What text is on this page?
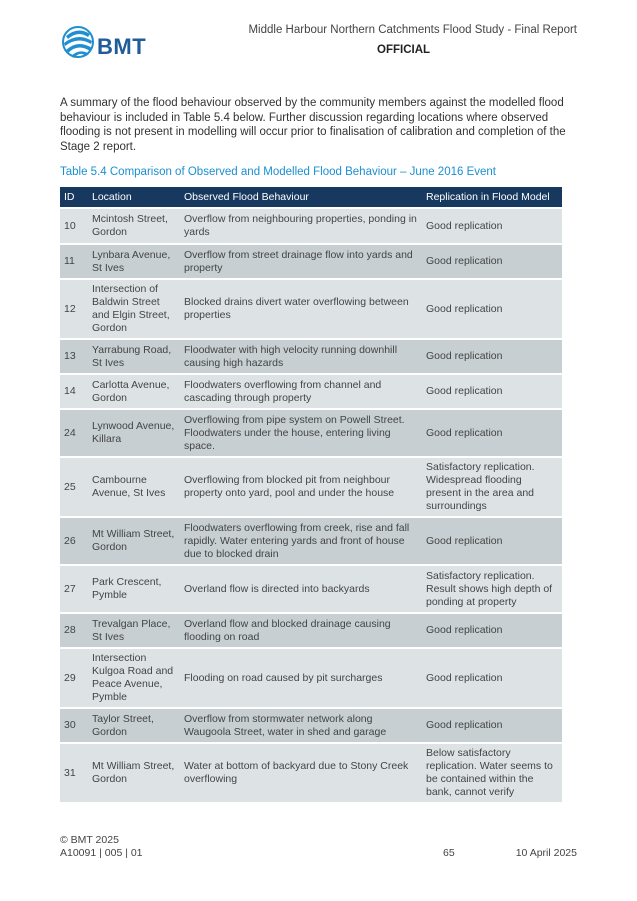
BMT
Middle Harbour Northern Catchments Flood Study - Final Report
OFFICIAL
A summary of the flood behaviour observed by the community members against the modelled flood behaviour is included in Table 5.4 below. Further discussion regarding locations where observed flooding is not present in modelling will occur prior to finalisation of calibration and completion of the Stage 2 report.
Table 5.4 Comparison of Observed and Modelled Flood Behaviour – June 2016 Event
ID	Location	Observed Flood Behaviour	Replication in Flood Model
10	Mcintosh Street, Gordon	Overflow from neighbouring properties, ponding in yards	Good replication
11	Lynbara Avenue, St Ives	Overflow from street drainage flow into yards and property	Good replication
12	Intersection of Baldwin Street and Elgin Street, Gordon	Blocked drains divert water overflowing between properties	Good replication
13	Yarrabung Road, St Ives	Floodwater with high velocity running downhill causing high hazards	Good replication
14	Carlotta Avenue, Gordon	Floodwaters overflowing from channel and cascading through property	Good replication
24	Lynwood Avenue, Killara	Overflowing from pipe system on Powell Street. Floodwaters under the house, entering living space.	Good replication
25	Cambourne Avenue, St Ives	Overflowing from blocked pit from neighbour property onto yard, pool and under the house	Satisfactory replication. Widespread flooding present in the area and surroundings
26	Mt William Street, Gordon	Floodwaters overflowing from creek, rise and fall rapidly. Water entering yards and front of house due to blocked drain	Good replication
27	Park Crescent, Pymble	Overland flow is directed into backyards	Satisfactory replication. Result shows high depth of ponding at property
28	Trevalgan Place, St Ives	Overland flow and blocked drainage causing flooding on road	Good replication
29	Intersection Kulgoa Road and Peace Avenue, Pymble	Flooding on road caused by pit surcharges	Good replication
30	Taylor Street, Gordon	Overflow from stormwater network along Waugoola Street, water in shed and garage	Good replication
31	Mt William Street, Gordon	Water at bottom of backyard due to Stony Creek overflowing	Below satisfactory replication. Water seems to be contained within the bank, cannot verify
© BMT 2025
A10091 | 005 | 01	65	10 April 2025
